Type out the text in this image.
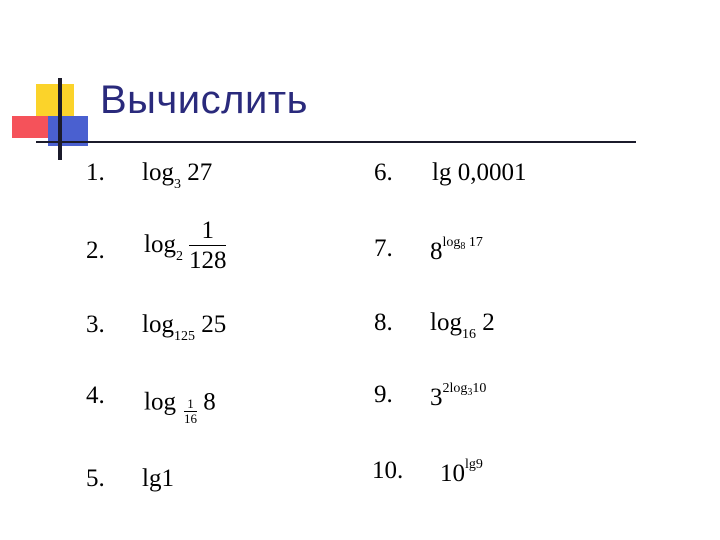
Вычислить
1. $\log_3 27$
2. $\log_2 \frac{1}{128}$
3. $\log_{125} 25$
4. $\log \frac{1}{16} 8$
5. lg1
6. lg 0,0001
7. $8^{log_8 17}$
8. $\log_{16} 2$
9. $3^{2log_310}$
10. $10^{lg9}$
